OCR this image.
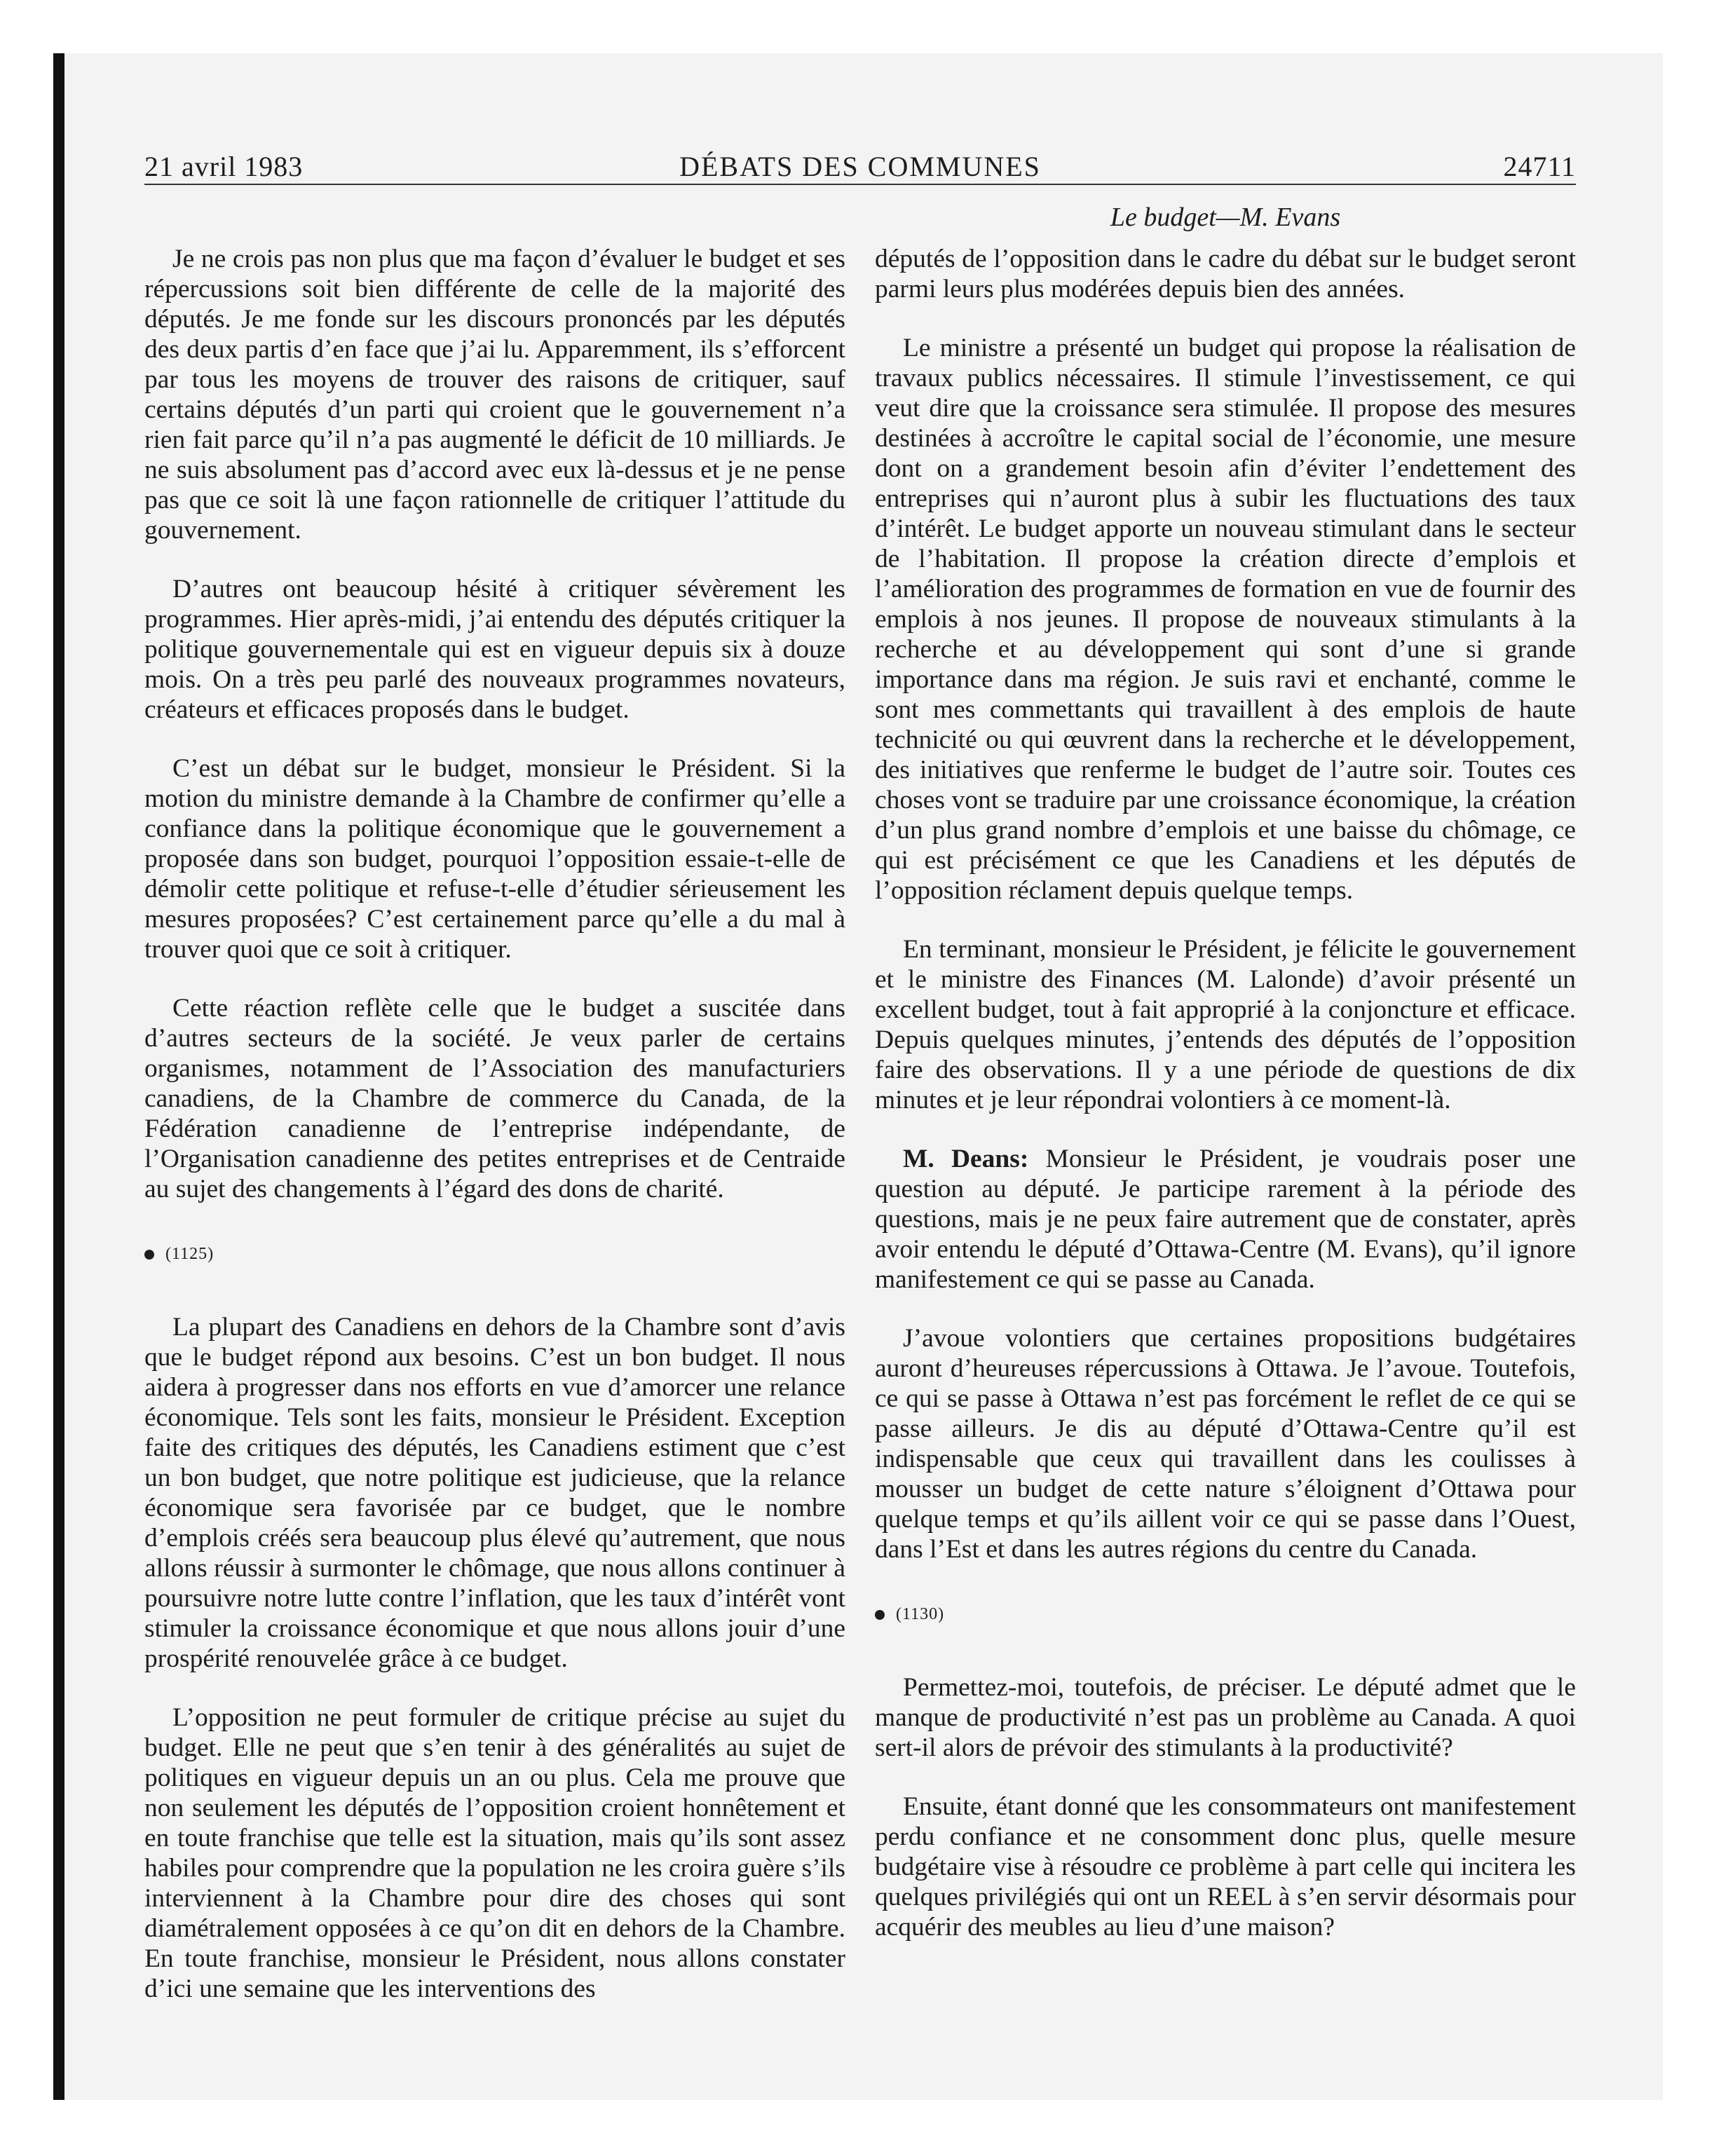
21 avril 1983	DÉBATS DES COMMUNES	24711
Le budget—M. Evans

Je ne crois pas non plus que ma façon d’évaluer le budget et ses répercussions soit bien différente de celle de la majorité des députés. Je me fonde sur les discours prononcés par les députés des deux partis d’en face que j’ai lu. Apparemment, ils s’efforcent par tous les moyens de trouver des raisons de critiquer, sauf certains députés d’un parti qui croient que le gouvernement n’a rien fait parce qu’il n’a pas augmenté le déficit de 10 milliards. Je ne suis absolument pas d’accord avec eux là-dessus et je ne pense pas que ce soit là une façon rationnelle de critiquer l’attitude du gouvernement.

D’autres ont beaucoup hésité à critiquer sévèrement les programmes. Hier après-midi, j’ai entendu des députés critiquer la politique gouvernementale qui est en vigueur depuis six à douze mois. On a très peu parlé des nouveaux programmes novateurs, créateurs et efficaces proposés dans le budget.

C’est un débat sur le budget, monsieur le Président. Si la motion du ministre demande à la Chambre de confirmer qu’elle a confiance dans la politique économique que le gouvernement a proposée dans son budget, pourquoi l’opposition essaie-t-elle de démolir cette politique et refuse-t-elle d’étudier sérieusement les mesures proposées? C’est certainement parce qu’elle a du mal à trouver quoi que ce soit à critiquer.

Cette réaction reflète celle que le budget a suscitée dans d’autres secteurs de la société. Je veux parler de certains organismes, notamment de l’Association des manufacturiers canadiens, de la Chambre de commerce du Canada, de la Fédération canadienne de l’entreprise indépendante, de l’Organisation canadienne des petites entreprises et de Centraide au sujet des changements à l’égard des dons de charité.

(1125)

La plupart des Canadiens en dehors de la Chambre sont d’avis que le budget répond aux besoins. C’est un bon budget. Il nous aidera à progresser dans nos efforts en vue d’amorcer une relance économique. Tels sont les faits, monsieur le Président. Exception faite des critiques des députés, les Canadiens estiment que c’est un bon budget, que notre politique est judicieuse, que la relance économique sera favorisée par ce budget, que le nombre d’emplois créés sera beaucoup plus élevé qu’autrement, que nous allons réussir à surmonter le chômage, que nous allons continuer à poursuivre notre lutte contre l’inflation, que les taux d’intérêt vont stimuler la croissance économique et que nous allons jouir d’une prospérité renouvelée grâce à ce budget.

L’opposition ne peut formuler de critique précise au sujet du budget. Elle ne peut que s’en tenir à des généralités au sujet de politiques en vigueur depuis un an ou plus. Cela me prouve que non seulement les députés de l’opposition croient honnêtement et en toute franchise que telle est la situation, mais qu’ils sont assez habiles pour comprendre que la population ne les croira guère s’ils interviennent à la Chambre pour dire des choses qui sont diamétralement opposées à ce qu’on dit en dehors de la Chambre. En toute franchise, monsieur le Président, nous allons constater d’ici une semaine que les interventions des

députés de l’opposition dans le cadre du débat sur le budget seront parmi leurs plus modérées depuis bien des années.

Le ministre a présenté un budget qui propose la réalisation de travaux publics nécessaires. Il stimule l’investissement, ce qui veut dire que la croissance sera stimulée. Il propose des mesures destinées à accroître le capital social de l’économie, une mesure dont on a grandement besoin afin d’éviter l’endettement des entreprises qui n’auront plus à subir les fluctuations des taux d’intérêt. Le budget apporte un nouveau stimulant dans le secteur de l’habitation. Il propose la création directe d’emplois et l’amélioration des programmes de formation en vue de fournir des emplois à nos jeunes. Il propose de nouveaux stimulants à la recherche et au développement qui sont d’une si grande importance dans ma région. Je suis ravi et enchanté, comme le sont mes commettants qui travaillent à des emplois de haute technicité ou qui œuvrent dans la recherche et le développement, des initiatives que renferme le budget de l’autre soir. Toutes ces choses vont se traduire par une croissance économique, la création d’un plus grand nombre d’emplois et une baisse du chômage, ce qui est précisément ce que les Canadiens et les députés de l’opposition réclament depuis quelque temps.

En terminant, monsieur le Président, je félicite le gouvernement et le ministre des Finances (M. Lalonde) d’avoir présenté un excellent budget, tout à fait approprié à la conjoncture et efficace. Depuis quelques minutes, j’entends des députés de l’opposition faire des observations. Il y a une période de questions de dix minutes et je leur répondrai volontiers à ce moment-là.

M. Deans: Monsieur le Président, je voudrais poser une question au député. Je participe rarement à la période des questions, mais je ne peux faire autrement que de constater, après avoir entendu le député d’Ottawa-Centre (M. Evans), qu’il ignore manifestement ce qui se passe au Canada.

J’avoue volontiers que certaines propositions budgétaires auront d’heureuses répercussions à Ottawa. Je l’avoue. Toutefois, ce qui se passe à Ottawa n’est pas forcément le reflet de ce qui se passe ailleurs. Je dis au député d’Ottawa-Centre qu’il est indispensable que ceux qui travaillent dans les coulisses à mousser un budget de cette nature s’éloignent d’Ottawa pour quelque temps et qu’ils aillent voir ce qui se passe dans l’Ouest, dans l’Est et dans les autres régions du centre du Canada.

(1130)

Permettez-moi, toutefois, de préciser. Le député admet que le manque de productivité n’est pas un problème au Canada. A quoi sert-il alors de prévoir des stimulants à la productivité?

Ensuite, étant donné que les consommateurs ont manifestement perdu confiance et ne consomment donc plus, quelle mesure budgétaire vise à résoudre ce problème à part celle qui incitera les quelques privilégiés qui ont un REEL à s’en servir désormais pour acquérir des meubles au lieu d’une maison?
